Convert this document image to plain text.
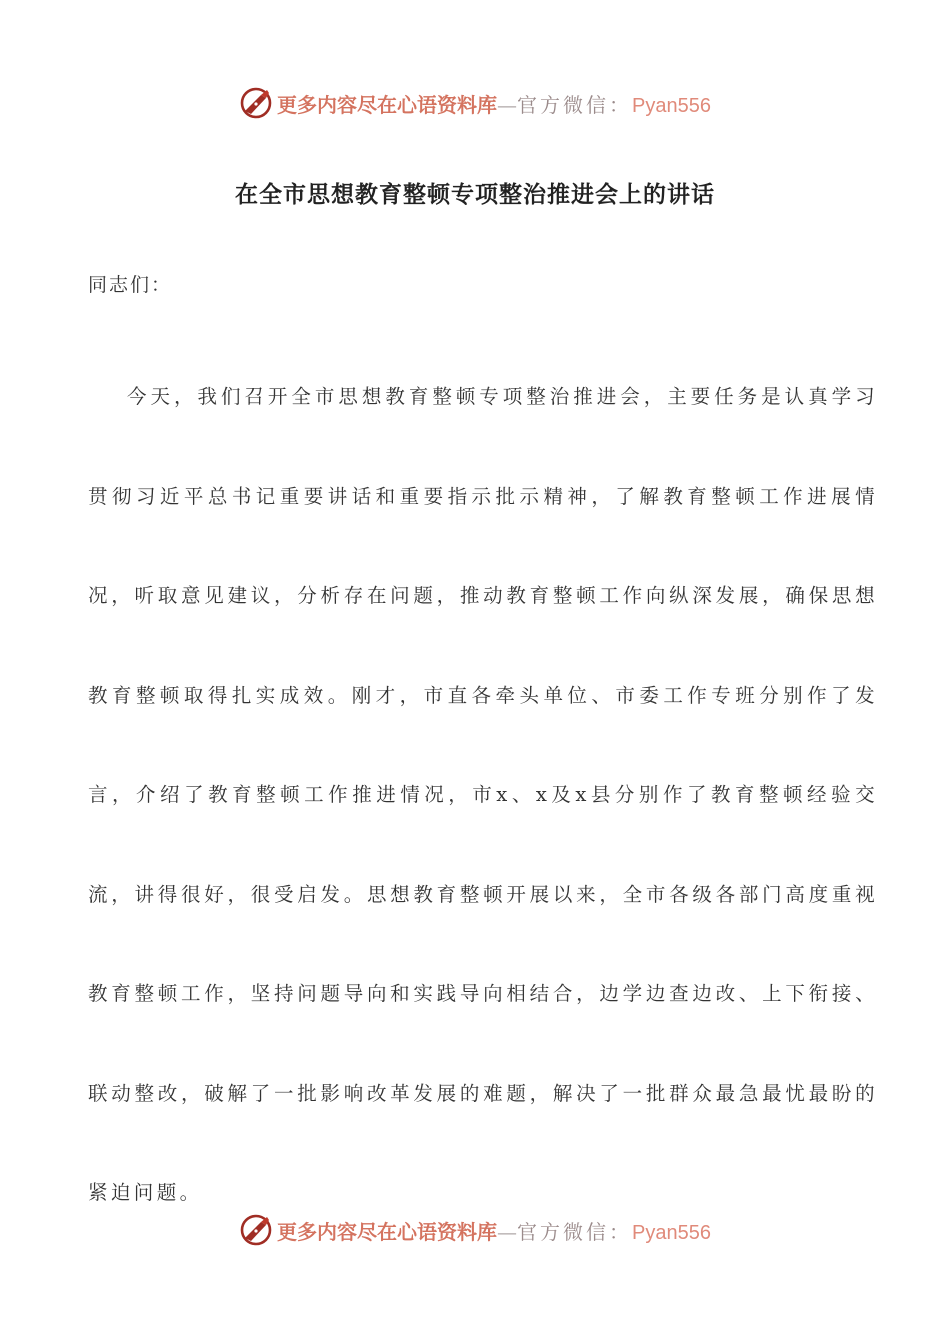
更多内容尽在心语资料库—官方微信：Pyan556
在全市思想教育整顿专项整治推进会上的讲话
同志们：

今天，我们召开全市思想教育整顿专项整治推进会，主要任务是认真学习贯彻习近平总书记重要讲话和重要指示批示精神，了解教育整顿工作进展情况，听取意见建议，分析存在问题，推动教育整顿工作向纵深发展，确保思想教育整顿取得扎实成效。刚才，市直各牵头单位、市委工作专班分别作了发言，介绍了教育整顿工作推进情况，市x、x及x县分别作了教育整顿经验交流，讲得很好，很受启发。思想教育整顿开展以来，全市各级各部门高度重视教育整顿工作，坚持问题导向和实践导向相结合，边学边查边改、上下衔接、联动整改，破解了一批影响改革发展的难题，解决了一批群众最急最忧最盼的紧迫问题。

更多内容尽在心语资料库—官方微信：Pyan556
